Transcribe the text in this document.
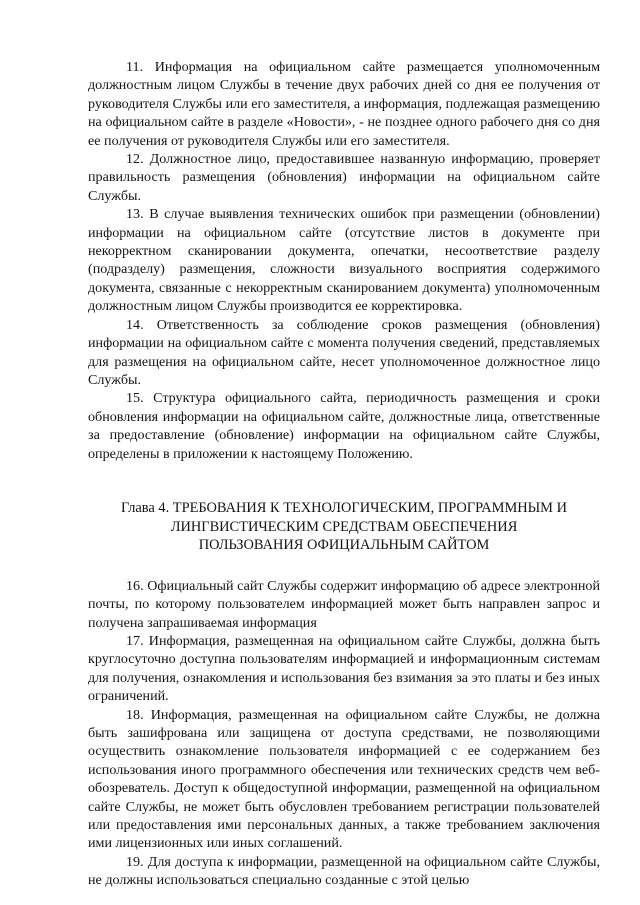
11. Информация на официальном сайте размещается уполномоченным должностным лицом Службы в течение двух рабочих дней со дня ее получения от руководителя Службы или его заместителя, а информация, подлежащая размещению на официальном сайте в разделе «Новости», - не позднее одного рабочего дня со дня ее получения от руководителя Службы или его заместителя.

12. Должностное лицо, предоставившее названную информацию, проверяет правильность размещения (обновления) информации на официальном сайте Службы.

13. В случае выявления технических ошибок при размещении (обновлении) информации на официальном сайте (отсутствие листов в документе при некорректном сканировании документа, опечатки, несоответствие разделу (подразделу) размещения, сложности визуального восприятия содержимого документа, связанные с некорректным сканированием документа) уполномоченным должностным лицом Службы производится ее корректировка.

14. Ответственность за соблюдение сроков размещения (обновления) информации на официальном сайте с момента получения сведений, представляемых для размещения на официальном сайте, несет уполномоченное должностное лицо Службы.

15. Структура официального сайта, периодичность размещения и сроки обновления информации на официальном сайте, должностные лица, ответственные за предоставление (обновление) информации на официальном сайте Службы, определены в приложении к настоящему Положению.

Глава 4. ТРЕБОВАНИЯ К ТЕХНОЛОГИЧЕСКИМ, ПРОГРАММНЫМ И
ЛИНГВИСТИЧЕСКИМ СРЕДСТВАМ ОБЕСПЕЧЕНИЯ
ПОЛЬЗОВАНИЯ ОФИЦИАЛЬНЫМ САЙТОМ

16. Официальный сайт Службы содержит информацию об адресе электронной почты, по которому пользователем информацией может быть направлен запрос и получена запрашиваемая информация

17. Информация, размещенная на официальном сайте Службы, должна быть круглосуточно доступна пользователям информацией и информационным системам для получения, ознакомления и использования без взимания за это платы и без иных ограничений.

18. Информация, размещенная на официальном сайте Службы, не должна быть зашифрована или защищена от доступа средствами, не позволяющими осуществить ознакомление пользователя информацией с ее содержанием без использования иного программного обеспечения или технических средств чем веб-обозреватель. Доступ к общедоступной информации, размещенной на официальном сайте Службы, не может быть обусловлен требованием регистрации пользователей или предоставления ими персональных данных, а также требованием заключения ими лицензионных или иных соглашений.

19. Для доступа к информации, размещенной на официальном сайте Службы, не должны использоваться специально созданные с этой целью
